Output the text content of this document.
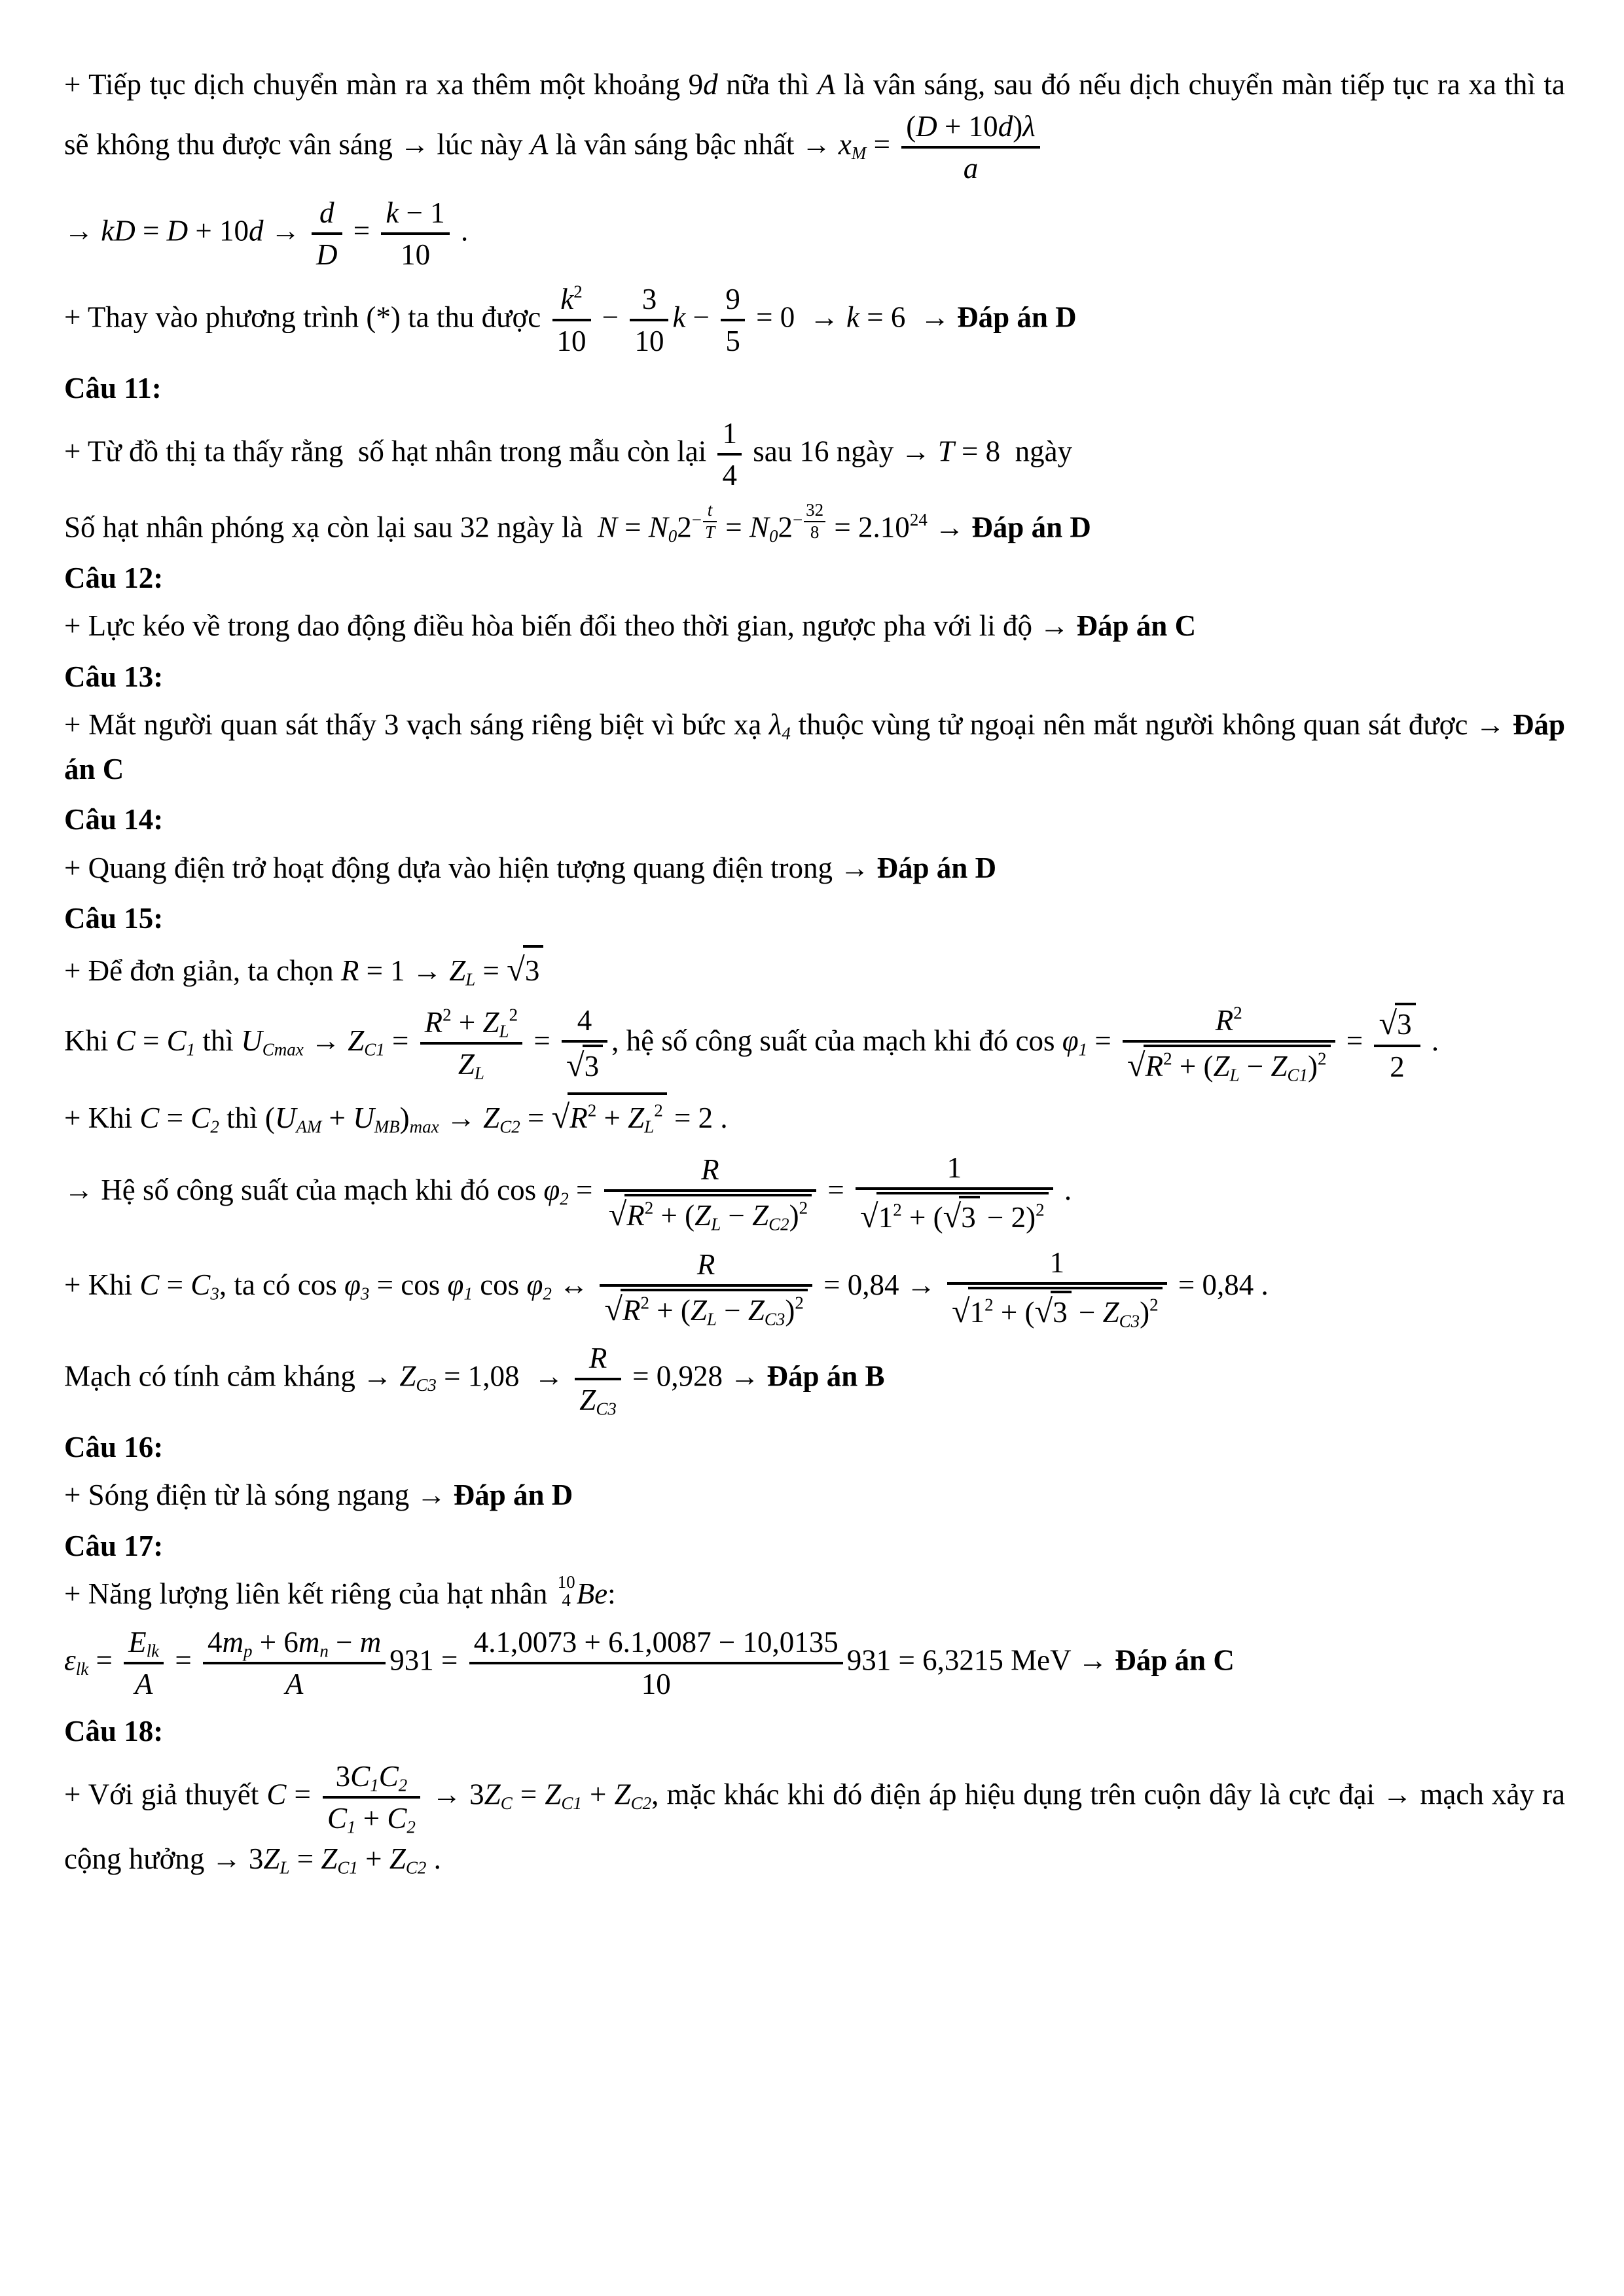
+ Tiếp tục dịch chuyển màn ra xa thêm một khoảng 9d nữa thì A là vân sáng, sau đó nếu dịch chuyển màn tiếp tục ra xa thì ta sẽ không thu được vân sáng → lúc này A là vân sáng bậc nhất → $x_M = \frac{(D + 10d)\lambda}{a}$

→ kD = $D + 10d \to \frac{d}{D} = \frac{k - 1}{10}$ .

+ Thay vào phương trình (*) ta thu được $\frac{k^2}{10} - \frac{3}{10}$ $k - \frac{9}{5} = 0 \to k = 6$  → Đáp án D

Câu 11:

+ Từ đồ thị ta thấy rằng  số hạt nhân trong mẫu còn lại $\frac{1}{4}$ sau 16 ngày → T = 8  ngày

Số hạt nhân phóng xạ còn lại sau 32 ngày là  $N = N_02^{- \frac{t}{T}} = N_02^{- \frac{32}{8}} = 2.10^{24}$ → Đáp án D

Câu 12:

+ Lực kéo về trong dao động điều hòa biến đổi theo thời gian, ngược pha với li độ → Đáp án C

Câu 13:

+ Mắt người quan sát thấy 3 vạch sáng riêng biệt vì bức xạ $\lambda_4$ thuộc vùng tử ngoại nên mắt người không quan sát được → Đáp án C

Câu 14:

+ Quang điện trở hoạt động dựa vào hiện tượng quang điện trong → Đáp án D

Câu 15:

+ Để đơn giản, ta chọn $R = 1 \to Z_L = √3$

Khi $C = C_1$ thì $U_{Cmax} \to Z_{C1} = \frac{R^2 + Z_L^2}{Z_L} = \frac{4}{√3}$ , hệ số công suất của mạch khi đó $\cos \varphi_1 = \frac{R^2}{√R^2 + (Z_L - Z_{C1})^2} = \frac{√3}{2}$ .

+ Khi $C = C_2$ thì $(U_{AM} + U_{MB})_{max} \to Z_{C2} = √R^2 + Z_L^2 = 2$ .

→ Hệ số công suất của mạch khi đó $\cos \varphi_2 = \frac{R}{√R^2 + (Z_L - Z_{C2})^2} = \frac{1}{√1^2 + (√3 - 2)^2}$ .

+ Khi $C = C_3$, ta có $\cos \varphi_3 = \cos \varphi_1$ $\cos \varphi_2$ ↔ $\frac{R}{√R^2 + (Z_L - Z_{C3})^2} = 0,84 \to \frac{1}{√1^2 + (√3 - Z_{C3})^2} = 0,84$ .

Mạch có tính cảm kháng → $Z_{C3} = 1,08 \to \frac{R}{Z_{C3}} = 0,928$ → Đáp án B

Câu 16:

+ Sóng điện từ là sóng ngang → Đáp án D

Câu 17:

+ Năng lượng liên kết riêng của hạt nhân 10
4 Be:

$\varepsilon_{lk} = \frac{E_{lk}}{A} = \frac{4m_p + 6m_n - m}{A} 931 = \frac{4.1,0073 + 6.1,0087 - 10,0135}{10} 931 = 6,3215$ MeV → Đáp án C

Câu 18:

+ Với giả thuyết $C = \frac{3C_1C_2}{C_1 + C_2} \to 3Z_C = Z_{C1} + Z_{C2}$, mặc khác khi đó điện áp hiệu dụng trên cuộn dây là cực đại → mạch xảy ra cộng hưởng → $3Z_L = Z_{C1} + Z_{C2}$ .
